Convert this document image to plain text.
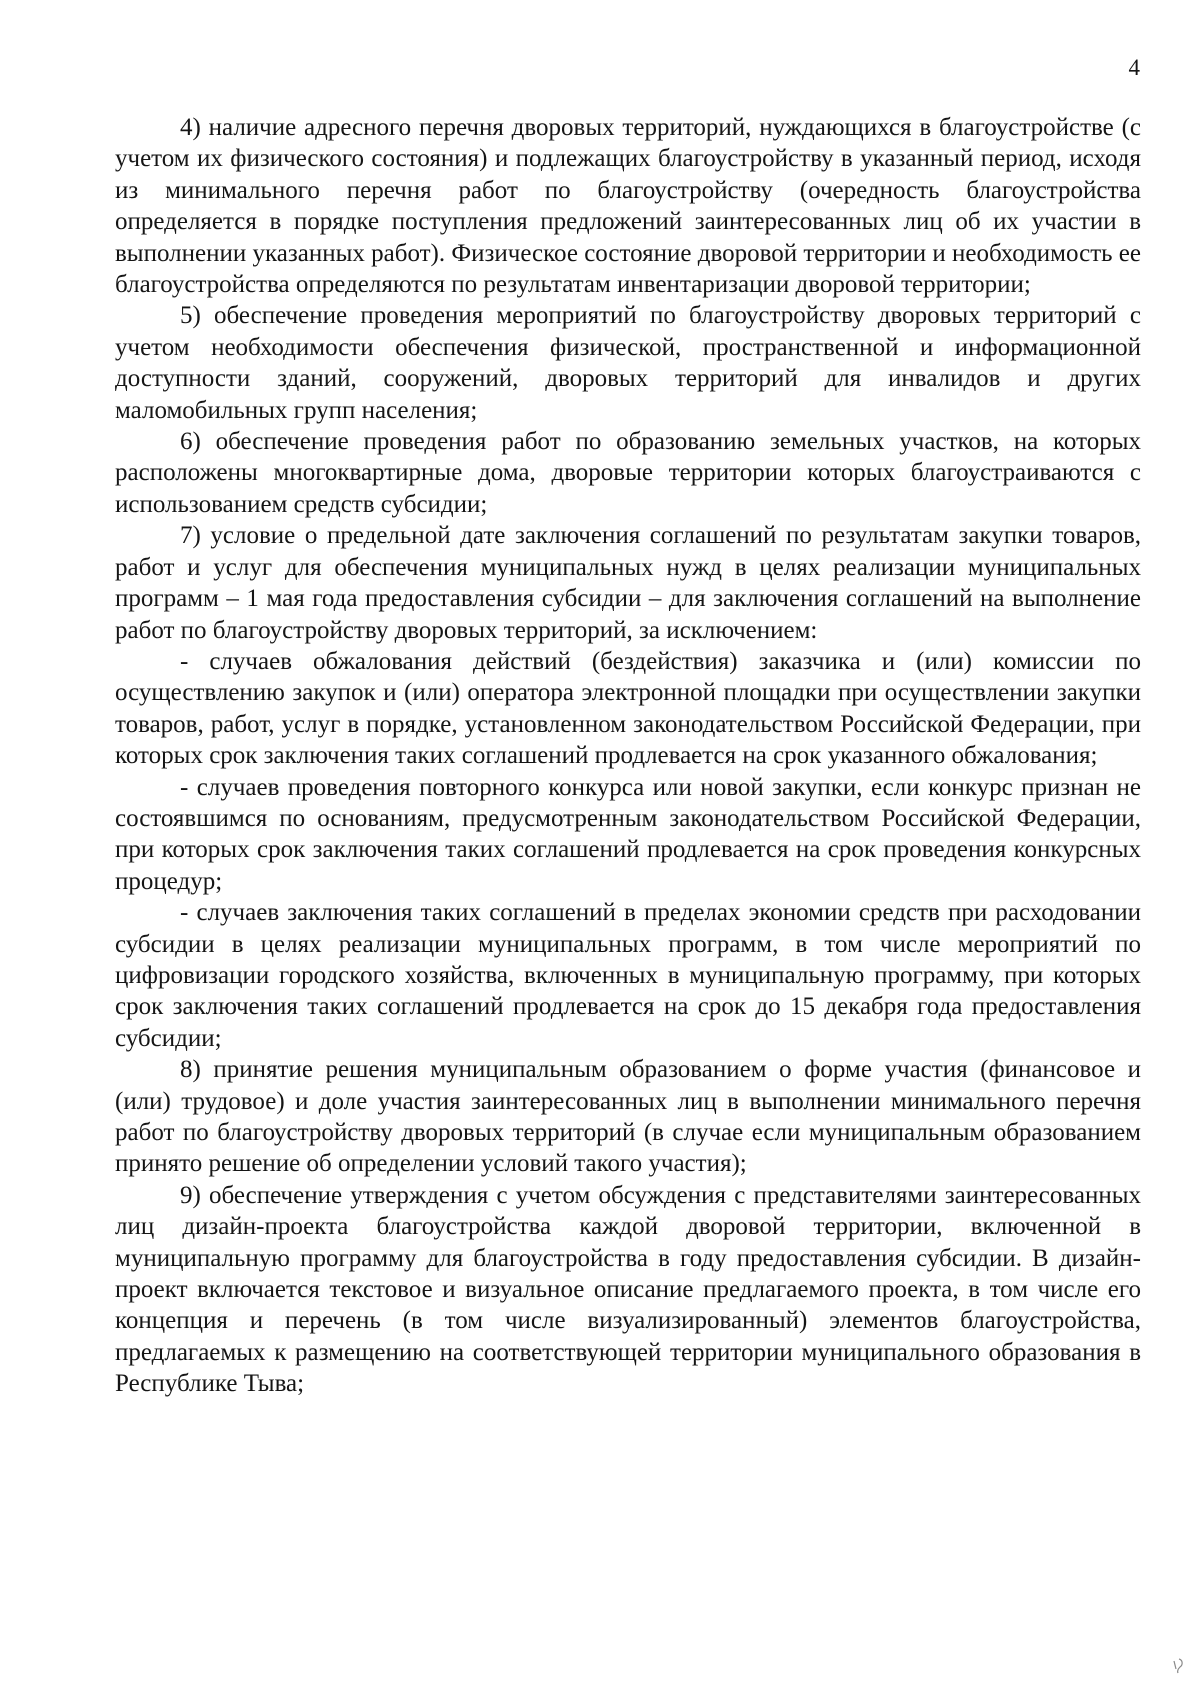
4

4) наличие адресного перечня дворовых территорий, нуждающихся в благоустройстве (с учетом их физического состояния) и подлежащих благоустройству в указанный период, исходя из минимального перечня работ по благоустройству (очередность благоустройства определяется в порядке поступления предложений заинтересованных лиц об их участии в выполнении указанных работ). Физическое состояние дворовой территории и необходимость ее благоустройства определяются по результатам инвентаризации дворовой территории;

5) обеспечение проведения мероприятий по благоустройству дворовых территорий с учетом необходимости обеспечения физической, пространственной и информационной доступности зданий, сооружений, дворовых территорий для инвалидов и других маломобильных групп населения;

6) обеспечение проведения работ по образованию земельных участков, на которых расположены многоквартирные дома, дворовые территории которых благоустраиваются с использованием средств субсидии;

7) условие о предельной дате заключения соглашений по результатам закупки товаров, работ и услуг для обеспечения муниципальных нужд в целях реализации муниципальных программ – 1 мая года предоставления субсидии – для заключения соглашений на выполнение работ по благоустройству дворовых территорий, за исключением:

- случаев обжалования действий (бездействия) заказчика и (или) комиссии по осуществлению закупок и (или) оператора электронной площадки при осуществлении закупки товаров, работ, услуг в порядке, установленном законодательством Российской Федерации, при которых срок заключения таких соглашений продлевается на срок указанного обжалования;

- случаев проведения повторного конкурса или новой закупки, если конкурс признан не состоявшимся по основаниям, предусмотренным законодательством Российской Федерации, при которых срок заключения таких соглашений продлевается на срок проведения конкурсных процедур;

- случаев заключения таких соглашений в пределах экономии средств при расходовании субсидии в целях реализации муниципальных программ, в том числе мероприятий по цифровизации городского хозяйства, включенных в муниципальную программу, при которых срок заключения таких соглашений продлевается на срок до 15 декабря года предоставления субсидии;

8) принятие решения муниципальным образованием о форме участия (финансовое и (или) трудовое) и доле участия заинтересованных лиц в выполнении минимального перечня работ по благоустройству дворовых территорий (в случае если муниципальным образованием принято решение об определении условий такого участия);

9) обеспечение утверждения с учетом обсуждения с представителями заинтересованных лиц дизайн-проекта благоустройства каждой дворовой территории, включенной в муниципальную программу для благоустройства в году предоставления субсидии. В дизайн-проект включается текстовое и визуальное описание предлагаемого проекта, в том числе его концепция и перечень (в том числе визуализированный) элементов благоустройства, предлагаемых к размещению на соответствующей территории муниципального образования в Республике Тыва;
